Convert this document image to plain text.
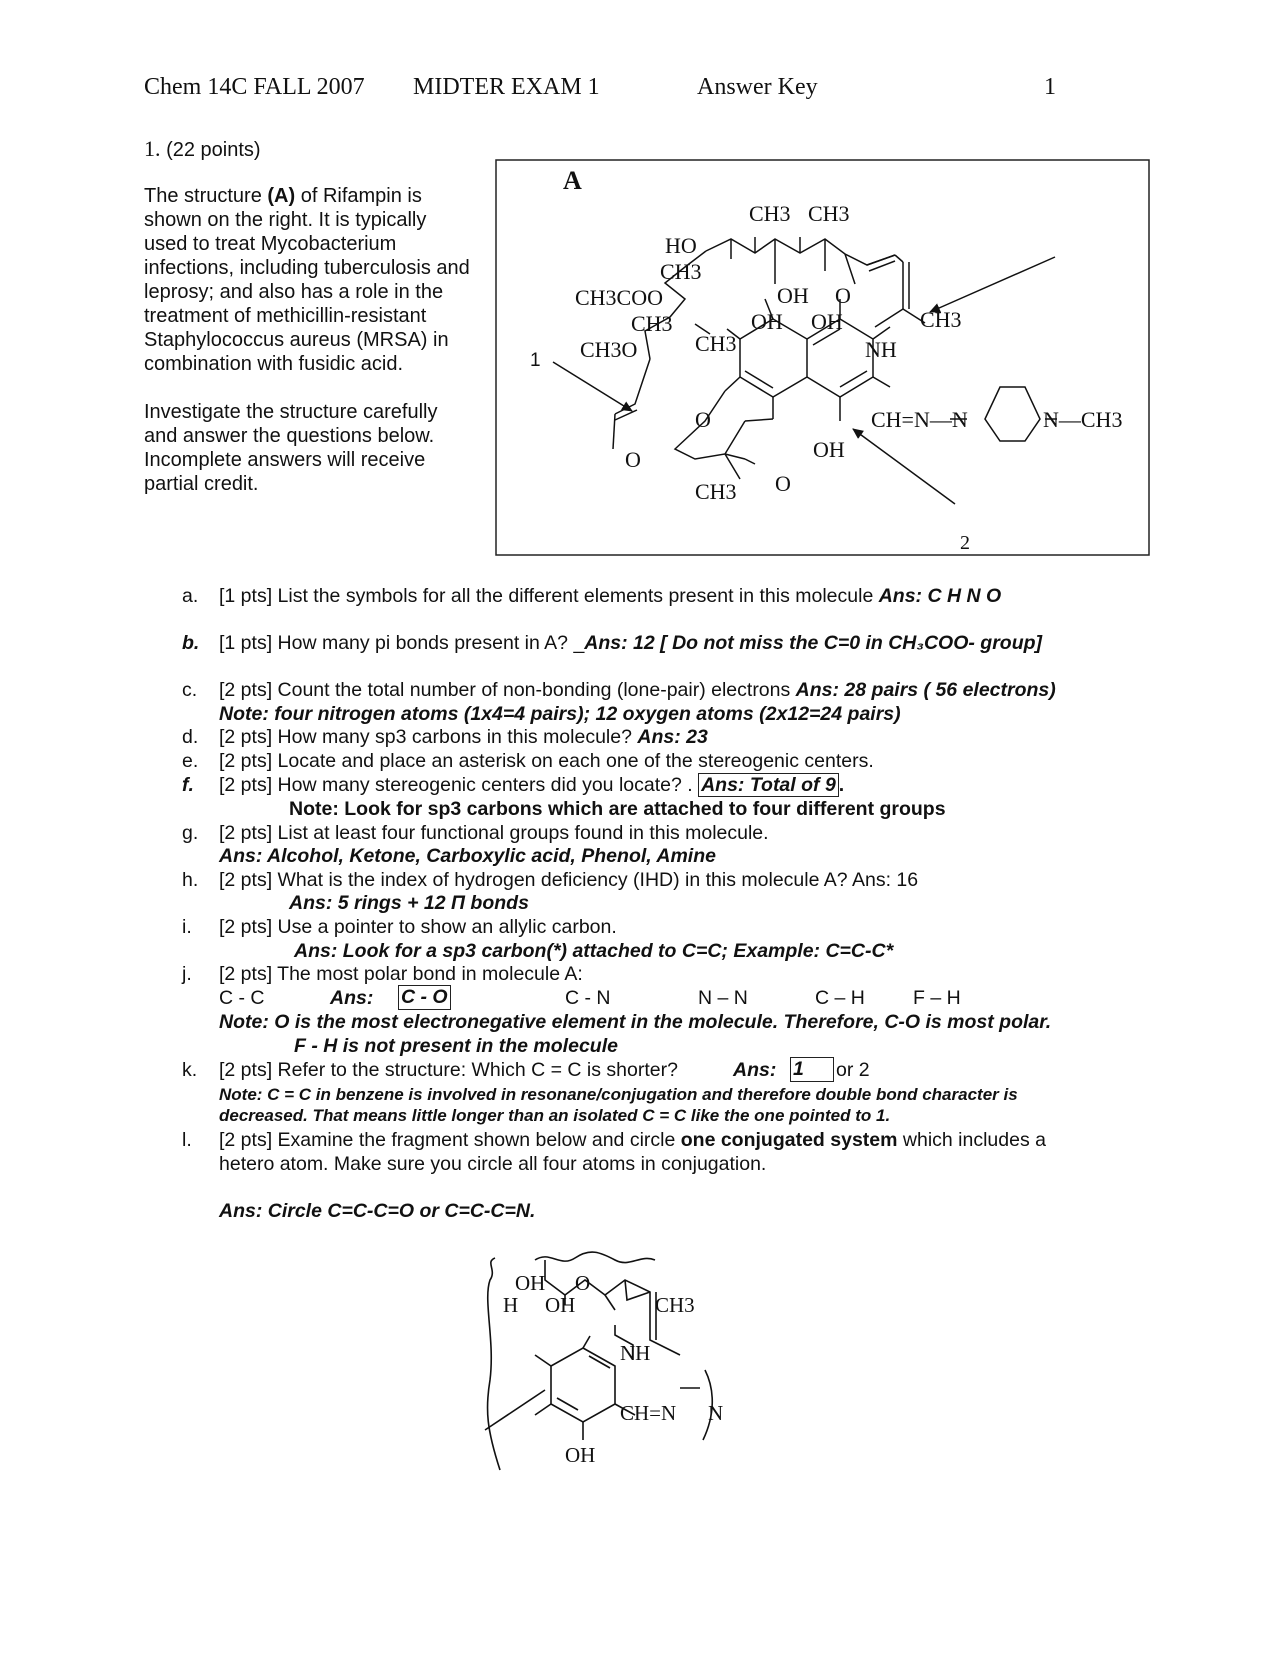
Chem 14C FALL 2007 MIDTER EXAM 1	Answer Key	1
1. (22 points)
The structure (A) of Rifampin is
shown on the right. It is typically
used to treat Mycobacterium
infections, including tuberculosis and
leprosy; and also has a role in the
treatment of methicillin-resistant
Staphylococcus aureus (MRSA) in
combination with fusidic acid.
Investigate the structure carefully
and answer the questions below.
Incomplete answers will receive
partial credit.
1
A
CH3 CH3
HO
CH3
CH3COO
CH3
CH3O	CH3
OH O
OH OH	CH3
NH
CH=N—N	N—CH3
O
O	OH
O
CH3
2
a. [1 pts] List the symbols for all the different elements present in this molecule Ans: C H N O
b. [1 pts] How many pi bonds present in A? _Ans: 12 [ Do not miss the C=0 in CH₃COO- group]
c. [2 pts] Count the total number of non-bonding (lone-pair) electrons Ans: 28 pairs ( 56 electrons)
Note: four nitrogen atoms (1x4=4 pairs); 12 oxygen atoms (2x12=24 pairs)
d. [2 pts] How many sp3 carbons in this molecule? Ans: 23
e. [2 pts] Locate and place an asterisk on each one of the stereogenic centers.
f. [2 pts] How many stereogenic centers did you locate? . Ans: Total of 9 .
Note: Look for sp3 carbons which are attached to four different groups
g. [2 pts] List at least four functional groups found in this molecule.
Ans: Alcohol, Ketone, Carboxylic acid, Phenol, Amine
h. [2 pts] What is the index of hydrogen deficiency (IHD) in this molecule A? Ans: 16
Ans: 5 rings + 12 Π bonds
i. [2 pts] Use a pointer to show an allylic carbon.
Ans: Look for a sp3 carbon(*) attached to C=C; Example: C=C-C*
j. [2 pts] The most polar bond in molecule A:
C - C	Ans: C - O	C - N	N – N	C – H F – H
Note: O is the most electronegative element in the molecule. Therefore, C-O is most polar.
F - H is not present in the molecule
k. [2 pts] Refer to the structure: Which C = C is shorter?	Ans: 1	or 2
Note: C = C in benzene is involved in resonane/conjugation and therefore double bond character is
decreased. That means little longer than an isolated C = C like the one pointed to 1.
l. [2 pts] Examine the fragment shown below and circle one conjugated system which includes a
hetero atom. Make sure you circle all four atoms in conjugation.
Ans: Circle C=C-C=O or C=C-C=N.
OH O
H OH	CH3
NH
CH=N N
OH
